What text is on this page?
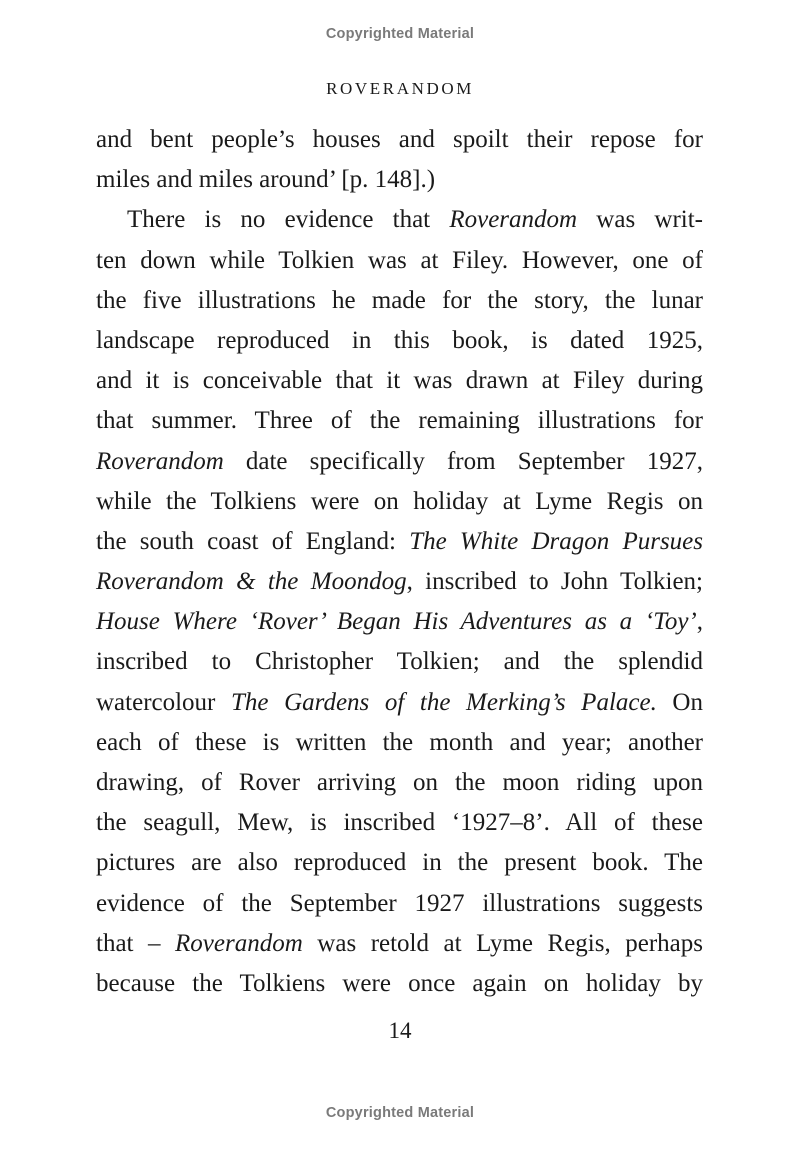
Copyrighted Material
ROVERANDOM
and bent people’s houses and spoilt their repose for
miles and miles around’ [p. 148].)
There is no evidence that Roverandom was writ-
ten down while Tolkien was at Filey. However, one of
the five illustrations he made for the story, the lunar
landscape reproduced in this book, is dated 1925,
and it is conceivable that it was drawn at Filey during
that summer. Three of the remaining illustrations for
Roverandom date specifically from September 1927,
while the Tolkiens were on holiday at Lyme Regis on
the south coast of England: The White Dragon Pursues
Roverandom & the Moondog, inscribed to John Tolkien;
House Where ‘Rover’ Began His Adventures as a ‘Toy’,
inscribed to Christopher Tolkien; and the splendid
watercolour The Gardens of the Merking’s Palace. On
each of these is written the month and year; another
drawing, of Rover arriving on the moon riding upon
the seagull, Mew, is inscribed ‘1927–8’. All of these
pictures are also reproduced in the present book. The
evidence of the September 1927 illustrations suggests
that – Roverandom was retold at Lyme Regis, perhaps
because the Tolkiens were once again on holiday by
14
Copyrighted Material
